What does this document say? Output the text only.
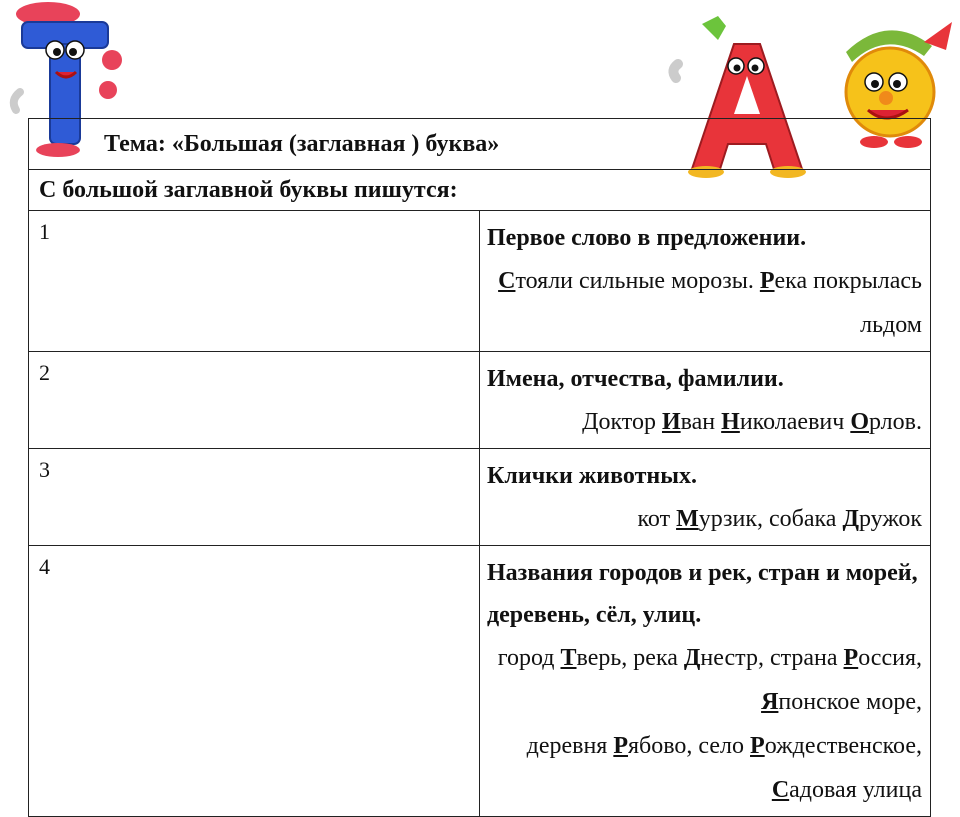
Тема: «Большая (заглавная ) буква»	
С большой заглавной буквы пишутся:	
1	Первое слово в предложении.
Стояли сильные морозы. Река покрылась льдом

2	Имена, отчества, фамилии.
Доктор Иван Николаевич Орлов.

3	Клички животных.
кот Мурзик, собака Дружок

4	Названия городов и рек, стран и морей, деревень, сёл, улиц.
город Тверь, река Днестр, страна Россия, Японское море,
деревня Рябово, село Рождественское, Садовая улица
